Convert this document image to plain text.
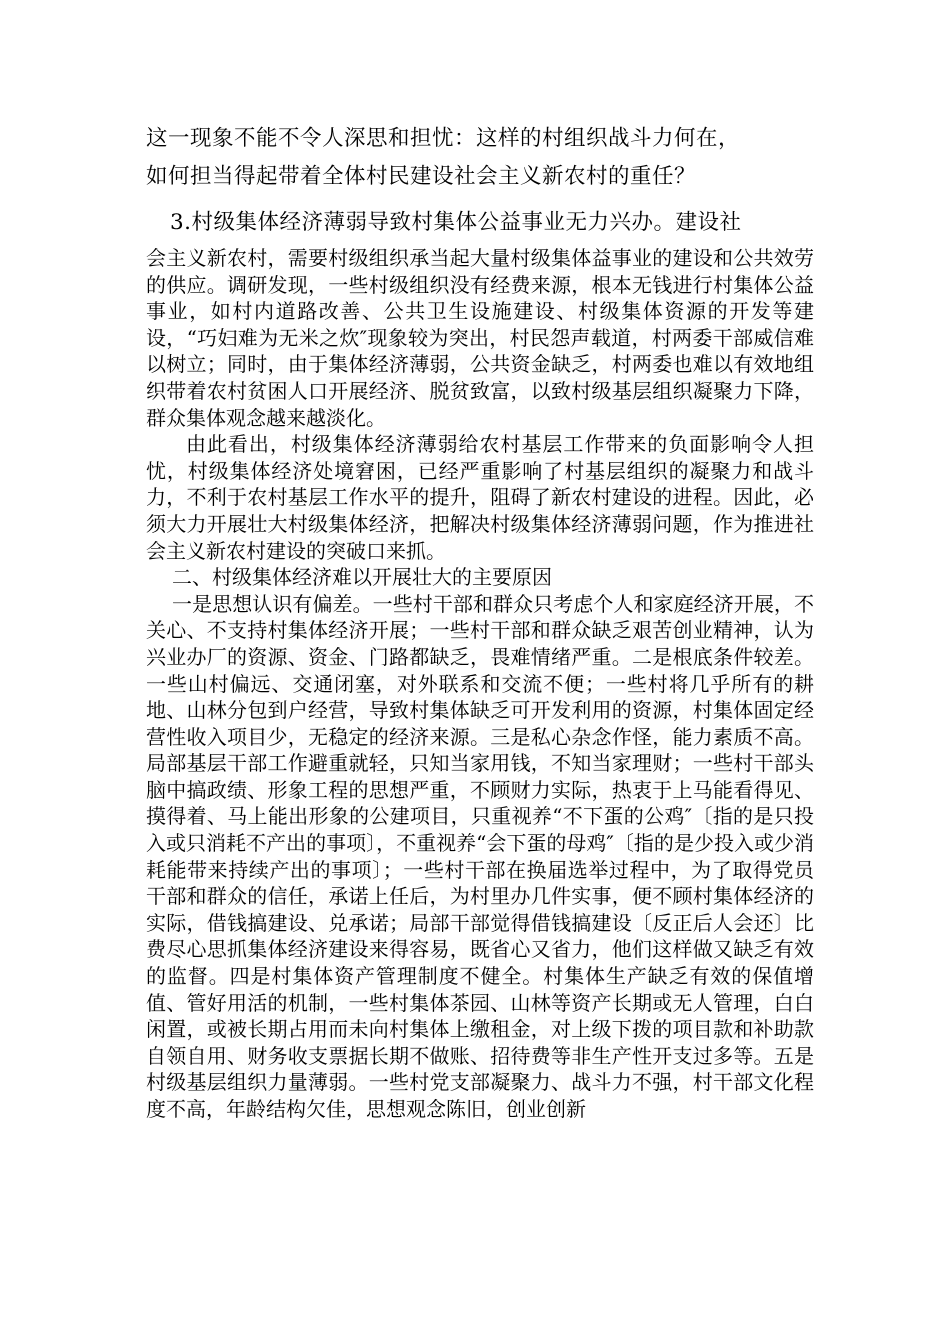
这一现象不能不令人深思和担忧：这样的村组织战斗力何在，

如何担当得起带着全体村民建设社会主义新农村的重任？

3.村级集体经济薄弱导致村集体公益事业无力兴办。建设社

会主义新农村，需要村级组织承当起大量村级集体益事业的建设和公共效劳的供应。调研发现，一些村级组织没有经费来源，根本无钱进行村集体公益事业，如村内道路改善、公共卫生设施建设、村级集体资源的开发等建设，“巧妇难为无米之炊″现象较为突出，村民怨声载道，村两委干部威信难以树立；同时，由于集体经济薄弱，公共资金缺乏，村两委也难以有效地组织带着农村贫困人口开展经济、脱贫致富，以致村级基层组织凝聚力下降，群众集体观念越来越淡化。

由此看出，村级集体经济薄弱给农村基层工作带来的负面影响令人担忧，村级集体经济处境窘困，已经严重影响了村基层组织的凝聚力和战斗力，不利于农村基层工作水平的提升，阻碍了新农村建设的进程。因此，必须大力开展壮大村级集体经济，把解决村级集体经济薄弱问题，作为推进社会主义新农村建设的突破口来抓。

二、村级集体经济难以开展壮大的主要原因

一是思想认识有偏差。一些村干部和群众只考虑个人和家庭经济开展，不关心、不支持村集体经济开展；一些村干部和群众缺乏艰苦创业精神，认为兴业办厂的资源、资金、门路都缺乏，畏难情绪严重。二是根底条件较差。一些山村偏远、交通闭塞，对外联系和交流不便；一些村将几乎所有的耕地、山林分包到户经营，导致村集体缺乏可开发利用的资源，村集体固定经营性收入项目少，无稳定的经济来源。三是私心杂念作怪，能力素质不高。局部基层干部工作避重就轻，只知当家用钱，不知当家理财；一些村干部头脑中搞政绩、形象工程的思想严重，不顾财力实际，热衷于上马能看得见、摸得着、马上能出形象的公建项目，只重视养“不下蛋的公鸡″〔指的是只投入或只消耗不产出的事项〕，不重视养“会下蛋的母鸡″〔指的是少投入或少消耗能带来持续产出的事项〕；一些村干部在换届选举过程中，为了取得党员干部和群众的信任，承诺上任后，为村里办几件实事，便不顾村集体经济的实际，借钱搞建设、兑承诺；局部干部觉得借钱搞建设〔反正后人会还〕比费尽心思抓集体经济建设来得容易，既省心又省力，他们这样做又缺乏有效的监督。四是村集体资产管理制度不健全。村集体生产缺乏有效的保值增值、管好用活的机制，一些村集体茶园、山林等资产长期或无人管理，白白闲置，或被长期占用而未向村集体上缴租金，对上级下拨的项目款和补助款自领自用、财务收支票据长期不做账、招待费等非生产性开支过多等。五是村级基层组织力量薄弱。一些村党支部凝聚力、战斗力不强，村干部文化程度不高，年龄结构欠佳，思想观念陈旧，创业创新
